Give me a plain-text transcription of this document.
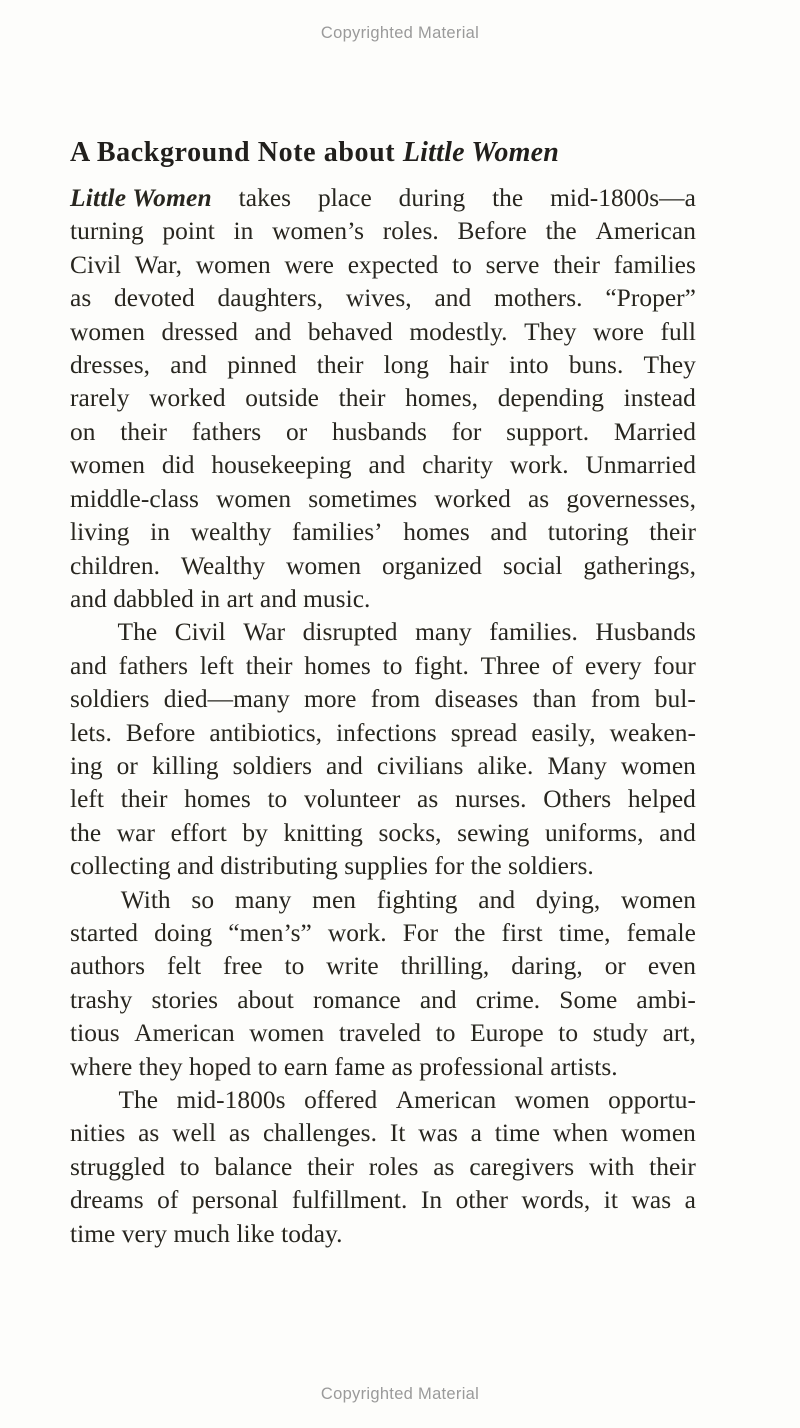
Copyrighted Material
A Background Note about Little Women

Little Women takes place during the mid-1800s—a
turning point in women’s roles. Before the American
Civil War, women were expected to serve their families
as devoted daughters, wives, and mothers. “Proper”
women dressed and behaved modestly. They wore full
dresses, and pinned their long hair into buns. They
rarely worked outside their homes, depending instead
on their fathers or husbands for support. Married
women did housekeeping and charity work. Unmarried
middle-class women sometimes worked as governesses,
living in wealthy families’ homes and tutoring their
children. Wealthy women organized social gatherings,
and dabbled in art and music.

The Civil War disrupted many families. Husbands
and fathers left their homes to fight. Three of every four
soldiers died—many more from diseases than from bul-
lets. Before antibiotics, infections spread easily, weaken-
ing or killing soldiers and civilians alike. Many women
left their homes to volunteer as nurses. Others helped
the war effort by knitting socks, sewing uniforms, and
collecting and distributing supplies for the soldiers.

With so many men fighting and dying, women
started doing “men’s” work. For the first time, female
authors felt free to write thrilling, daring, or even
trashy stories about romance and crime. Some ambi-
tious American women traveled to Europe to study art,
where they hoped to earn fame as professional artists.

The mid-1800s offered American women opportu-
nities as well as challenges. It was a time when women
struggled to balance their roles as caregivers with their
dreams of personal fulfillment. In other words, it was a
time very much like today.

Copyrighted Material
